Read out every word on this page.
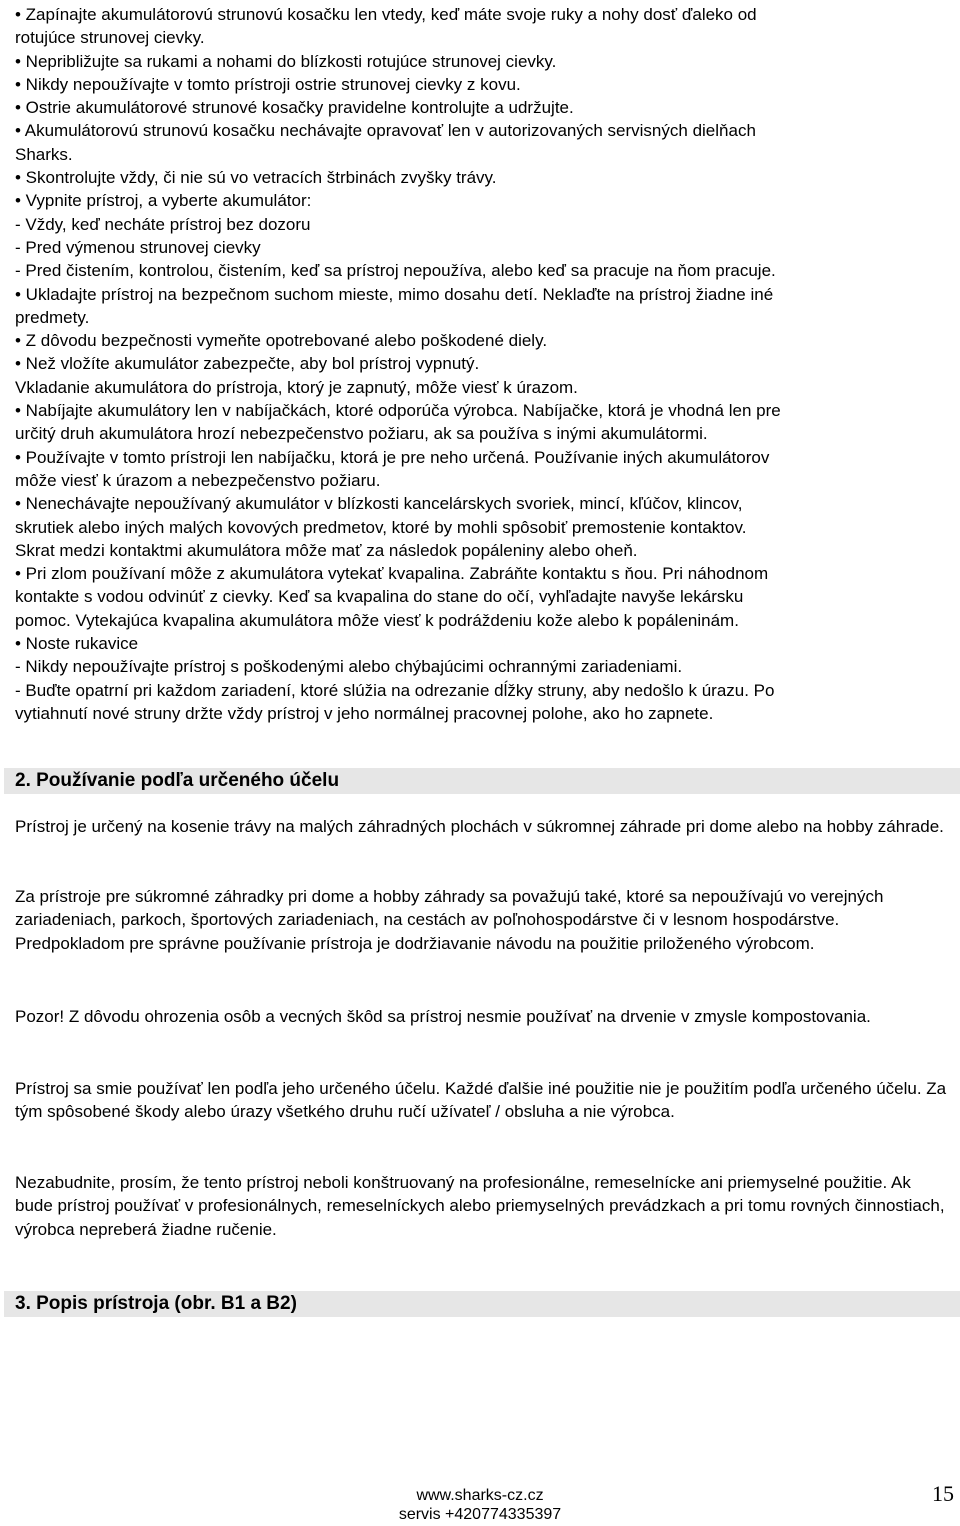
• Zapínajte akumulátorovú strunovú kosačku len vtedy, keď máte svoje ruky a nohy dosť ďaleko od
rotujúce strunovej cievky.
• Nepribližujte sa rukami a nohami do blízkosti rotujúce strunovej cievky.
• Nikdy nepoužívajte v tomto prístroji ostrie strunovej cievky z kovu.
• Ostrie akumulátorové strunové kosačky pravidelne kontrolujte a udržujte.
• Akumulátorovú strunovú kosačku nechávajte opravovať len v autorizovaných servisných dielňach
Sharks.
• Skontrolujte vždy, či nie sú vo vetracích štrbinách zvyšky trávy.
• Vypnite prístroj, a vyberte akumulátor:
- Vždy, keď necháte prístroj bez dozoru
- Pred výmenou strunovej cievky
- Pred čistením, kontrolou, čistením, keď sa prístroj nepoužíva, alebo keď sa pracuje na ňom pracuje.
• Ukladajte prístroj na bezpečnom suchom mieste, mimo dosahu detí. Neklaďte na prístroj žiadne iné
predmety.
• Z dôvodu bezpečnosti vymeňte opotrebované alebo poškodené diely.
• Než vložíte akumulátor zabezpečte, aby bol prístroj vypnutý.
Vkladanie akumulátora do prístroja, ktorý je zapnutý, môže viesť k úrazom.
• Nabíjajte akumulátory len v nabíjačkách, ktoré odporúča výrobca. Nabíjačke, ktorá je vhodná len pre
určitý druh akumulátora hrozí nebezpečenstvo požiaru, ak sa používa s inými akumulátormi.
• Používajte v tomto prístroji len nabíjačku, ktorá je pre neho určená. Používanie iných akumulátorov
môže viesť k úrazom a nebezpečenstvo požiaru.
• Nenechávajte nepoužívaný akumulátor v blízkosti kancelárskych svoriek, mincí, kľúčov, klincov,
skrutiek alebo iných malých kovových predmetov, ktoré by mohli spôsobiť premostenie kontaktov.
Skrat medzi kontaktmi akumulátora môže mať za následok popáleniny alebo oheň.
• Pri zlom používaní môže z akumulátora vytekať kvapalina. Zabráňte kontaktu s ňou. Pri náhodnom
kontakte s vodou odvinúť z cievky. Keď sa kvapalina do stane do očí, vyhľadajte navyše lekársku
pomoc. Vytekajúca kvapalina akumulátora môže viesť k podráždeniu kože alebo k popáleninám.
• Noste rukavice
- Nikdy nepoužívajte prístroj s poškodenými alebo chýbajúcimi ochrannými zariadeniami.
- Buďte opatrní pri každom zariadení, ktoré slúžia na odrezanie dĺžky struny, aby nedošlo k úrazu. Po
vytiahnutí nové struny držte vždy prístroj v jeho normálnej pracovnej polohe, ako ho zapnete.
2. Používanie podľa určeného účelu
Prístroj je určený na kosenie trávy na malých záhradných plochách v súkromnej záhrade pri dome alebo na hobby záhrade.
Za prístroje pre súkromné záhradky pri dome a hobby záhrady sa považujú také, ktoré sa nepoužívajú vo verejných zariadeniach, parkoch, športových zariadeniach, na cestách av poľnohospodárstve či v lesnom hospodárstve. Predpokladom pre správne používanie prístroja je dodržiavanie návodu na použitie priloženého výrobcom.
Pozor! Z dôvodu ohrozenia osôb a vecných škôd sa prístroj nesmie používať na drvenie v zmysle kompostovania.
Prístroj sa smie používať len podľa jeho určeného účelu. Každé ďalšie iné použitie nie je použitím podľa určeného účelu. Za tým spôsobené škody alebo úrazy všetkého druhu ručí užívateľ / obsluha a nie výrobca.
Nezabudnite, prosím, že tento prístroj neboli konštruovaný na profesionálne, remeselnícke ani priemyselné použitie. Ak bude prístroj používať v profesionálnych, remeselníckych alebo priemyselných prevádzkach a pri tomu rovných činnostiach, výrobca nepreberá žiadne ručenie.
3. Popis prístroja (obr. B1 a B2)
www.sharks-cz.cz
servis +420774335397
15
